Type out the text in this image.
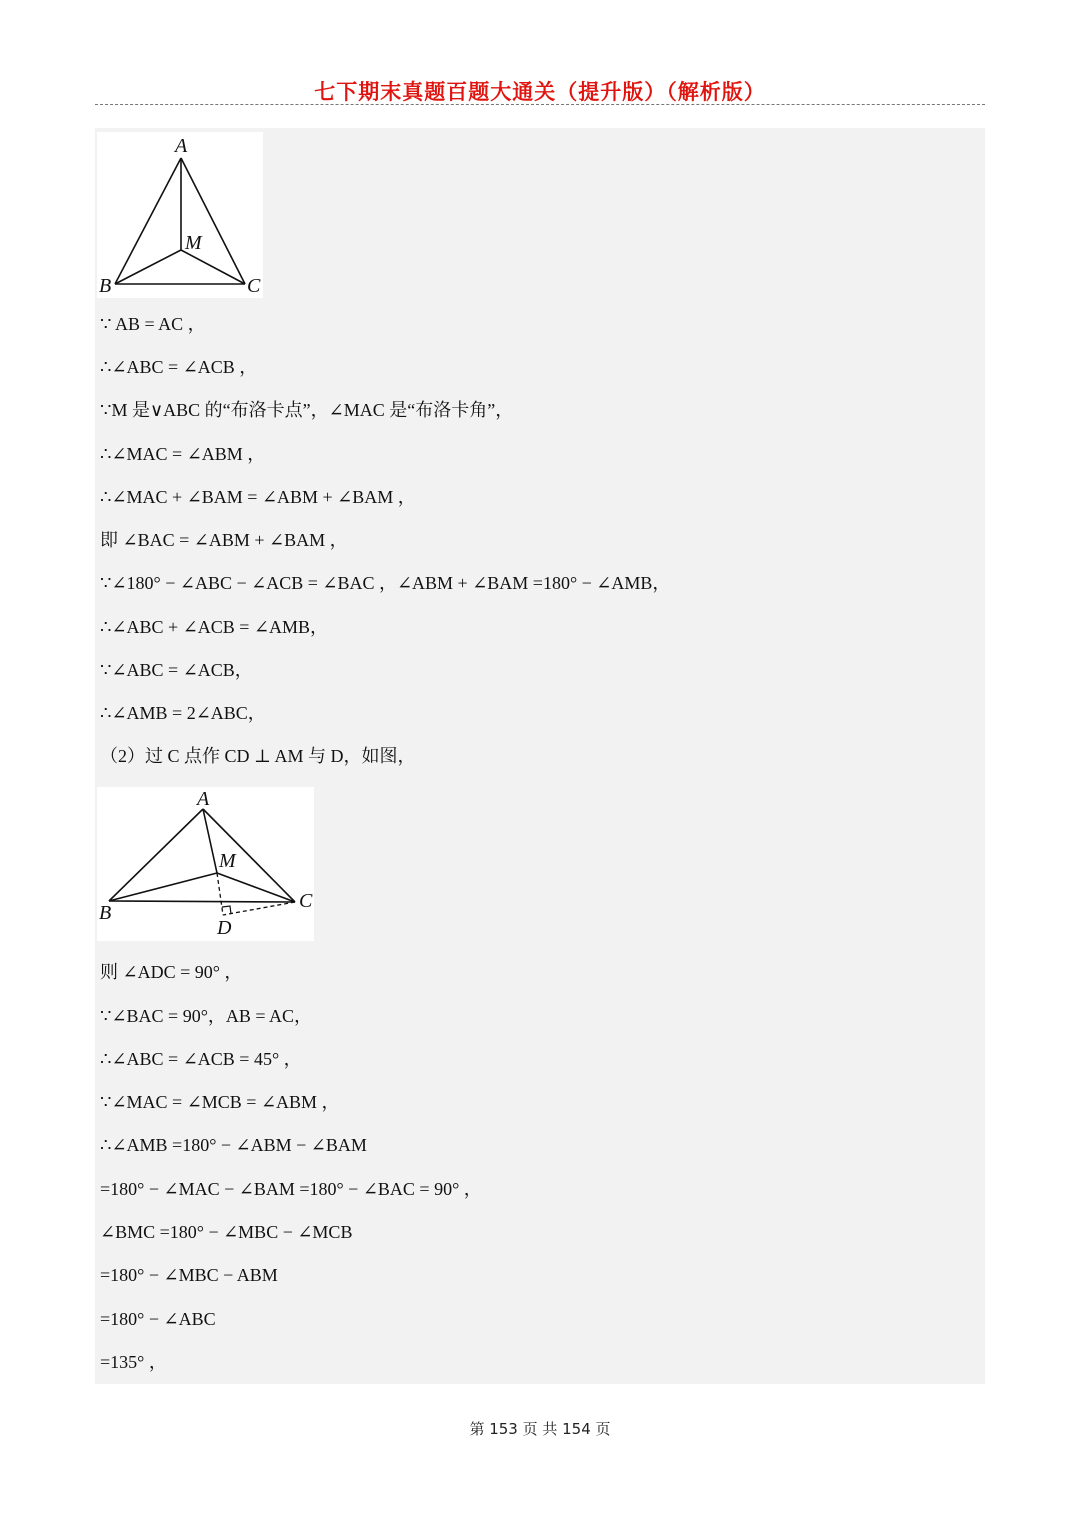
七下期末真题百题大通关（提升版）（解析版）
A
B	C
M
∵ AB = AC ，
∴∠ABC = ∠ACB ，
∵M 是∨ABC 的“布洛卡点”，∠MAC 是“布洛卡角”，
∴∠MAC = ∠ABM ，
∴∠MAC + ∠BAM = ∠ABM + ∠BAM ，
即 ∠BAC = ∠ABM + ∠BAM ，
∵∠180° − ∠ABC − ∠ACB = ∠BAC ，∠ABM + ∠BAM =180° − ∠AMB，
∴∠ABC + ∠ACB = ∠AMB，
∵∠ABC = ∠ACB，
∴∠AMB = 2∠ABC，
（2）过 C 点作 CD ⊥ AM 与 D，如图，
A
B
C
M
D
则 ∠ADC = 90° ，
∵∠BAC = 90°，AB = AC，
∴∠ABC = ∠ACB = 45° ，
∵∠MAC = ∠MCB = ∠ABM ，
∴∠AMB =180° − ∠ABM − ∠BAM
=180° − ∠MAC − ∠BAM =180° − ∠BAC = 90° ，
∠BMC =180° − ∠MBC − ∠MCB
=180° − ∠MBC − ABM
=180° − ∠ABC
=135° ，
第 153 页 共 154 页
